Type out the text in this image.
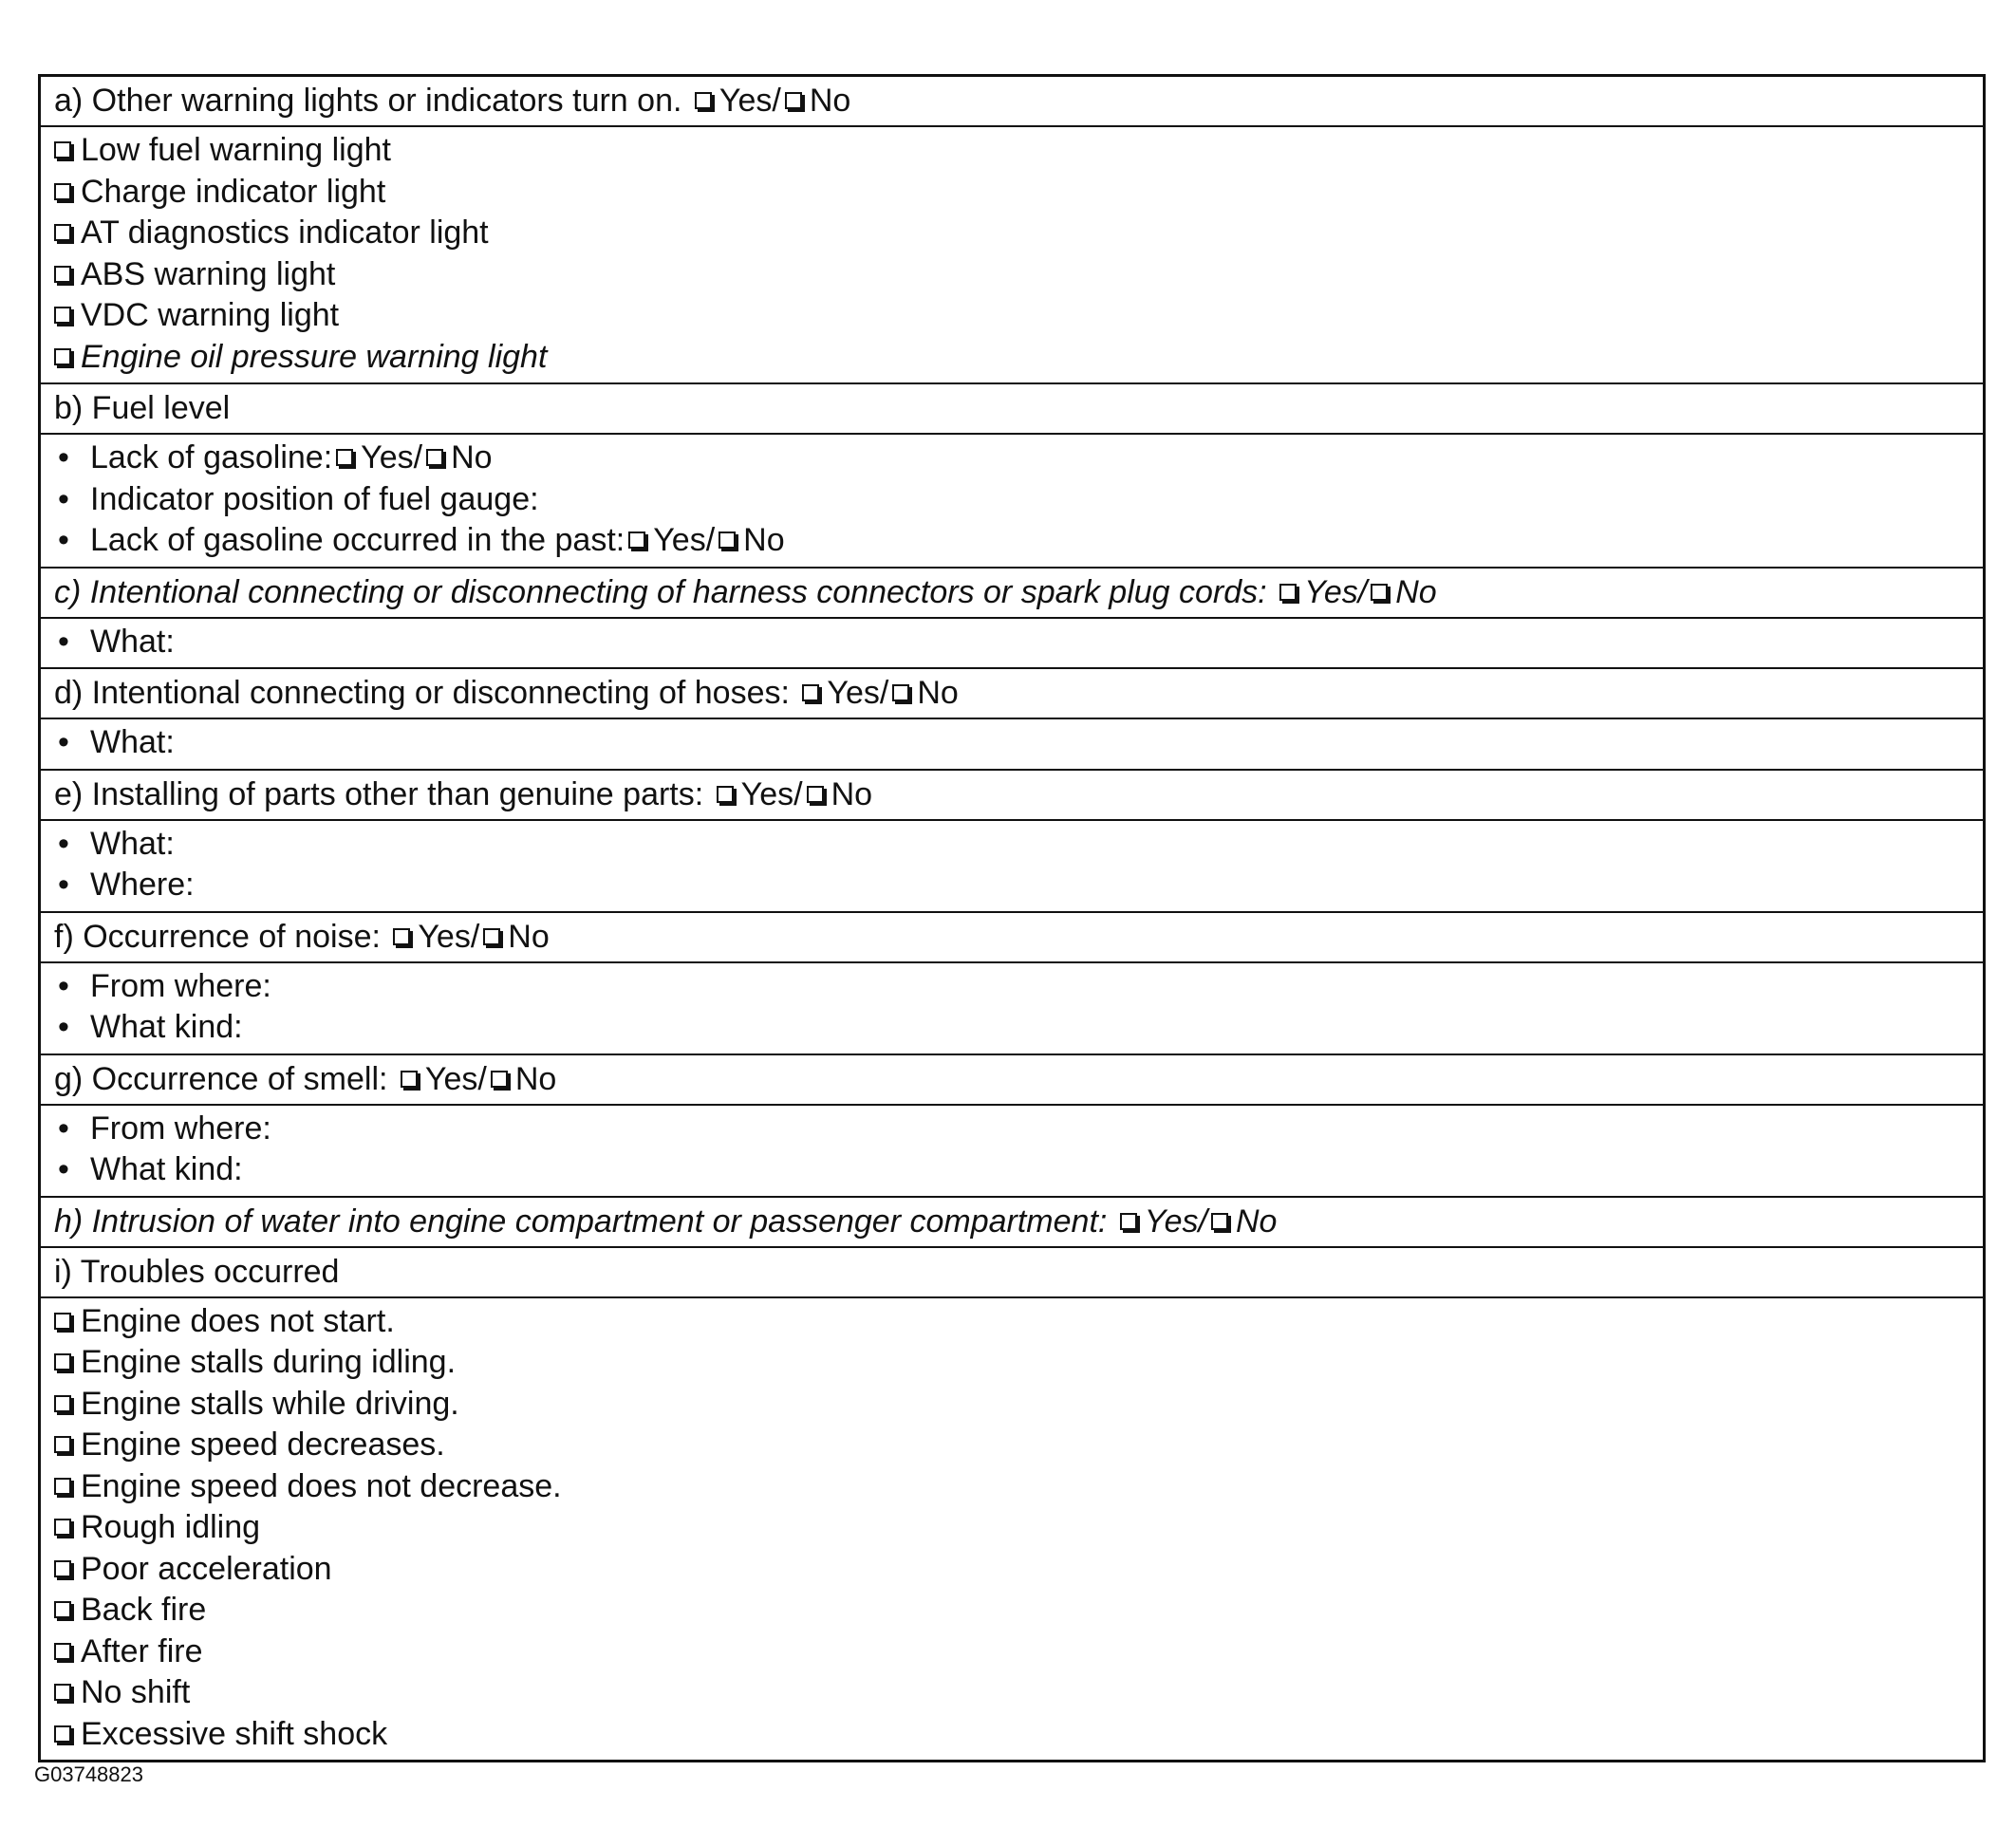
a) Other warning lights or indicators turn on. Yes/ No
Low fuel warning light
Charge indicator light
AT diagnostics indicator light
ABS warning light
VDC warning light
Engine oil pressure warning light
b) Fuel level
• Lack of gasoline: Yes/ No
• Indicator position of fuel gauge:
• Lack of gasoline occurred in the past: Yes/ No
c) Intentional connecting or disconnecting of harness connectors or spark plug cords: Yes/ No
• What:
d) Intentional connecting or disconnecting of hoses: Yes/ No
• What:
e) Installing of parts other than genuine parts: Yes/ No
• What:
• Where:
f) Occurrence of noise: Yes/ No
• From where:
• What kind:
g) Occurrence of smell: Yes/ No
• From where:
• What kind:
h) Intrusion of water into engine compartment or passenger compartment: Yes/ No
i) Troubles occurred
Engine does not start.
Engine stalls during idling.
Engine stalls while driving.
Engine speed decreases.
Engine speed does not decrease.
Rough idling
Poor acceleration
Back fire
After fire
No shift
Excessive shift shock
G03748823
